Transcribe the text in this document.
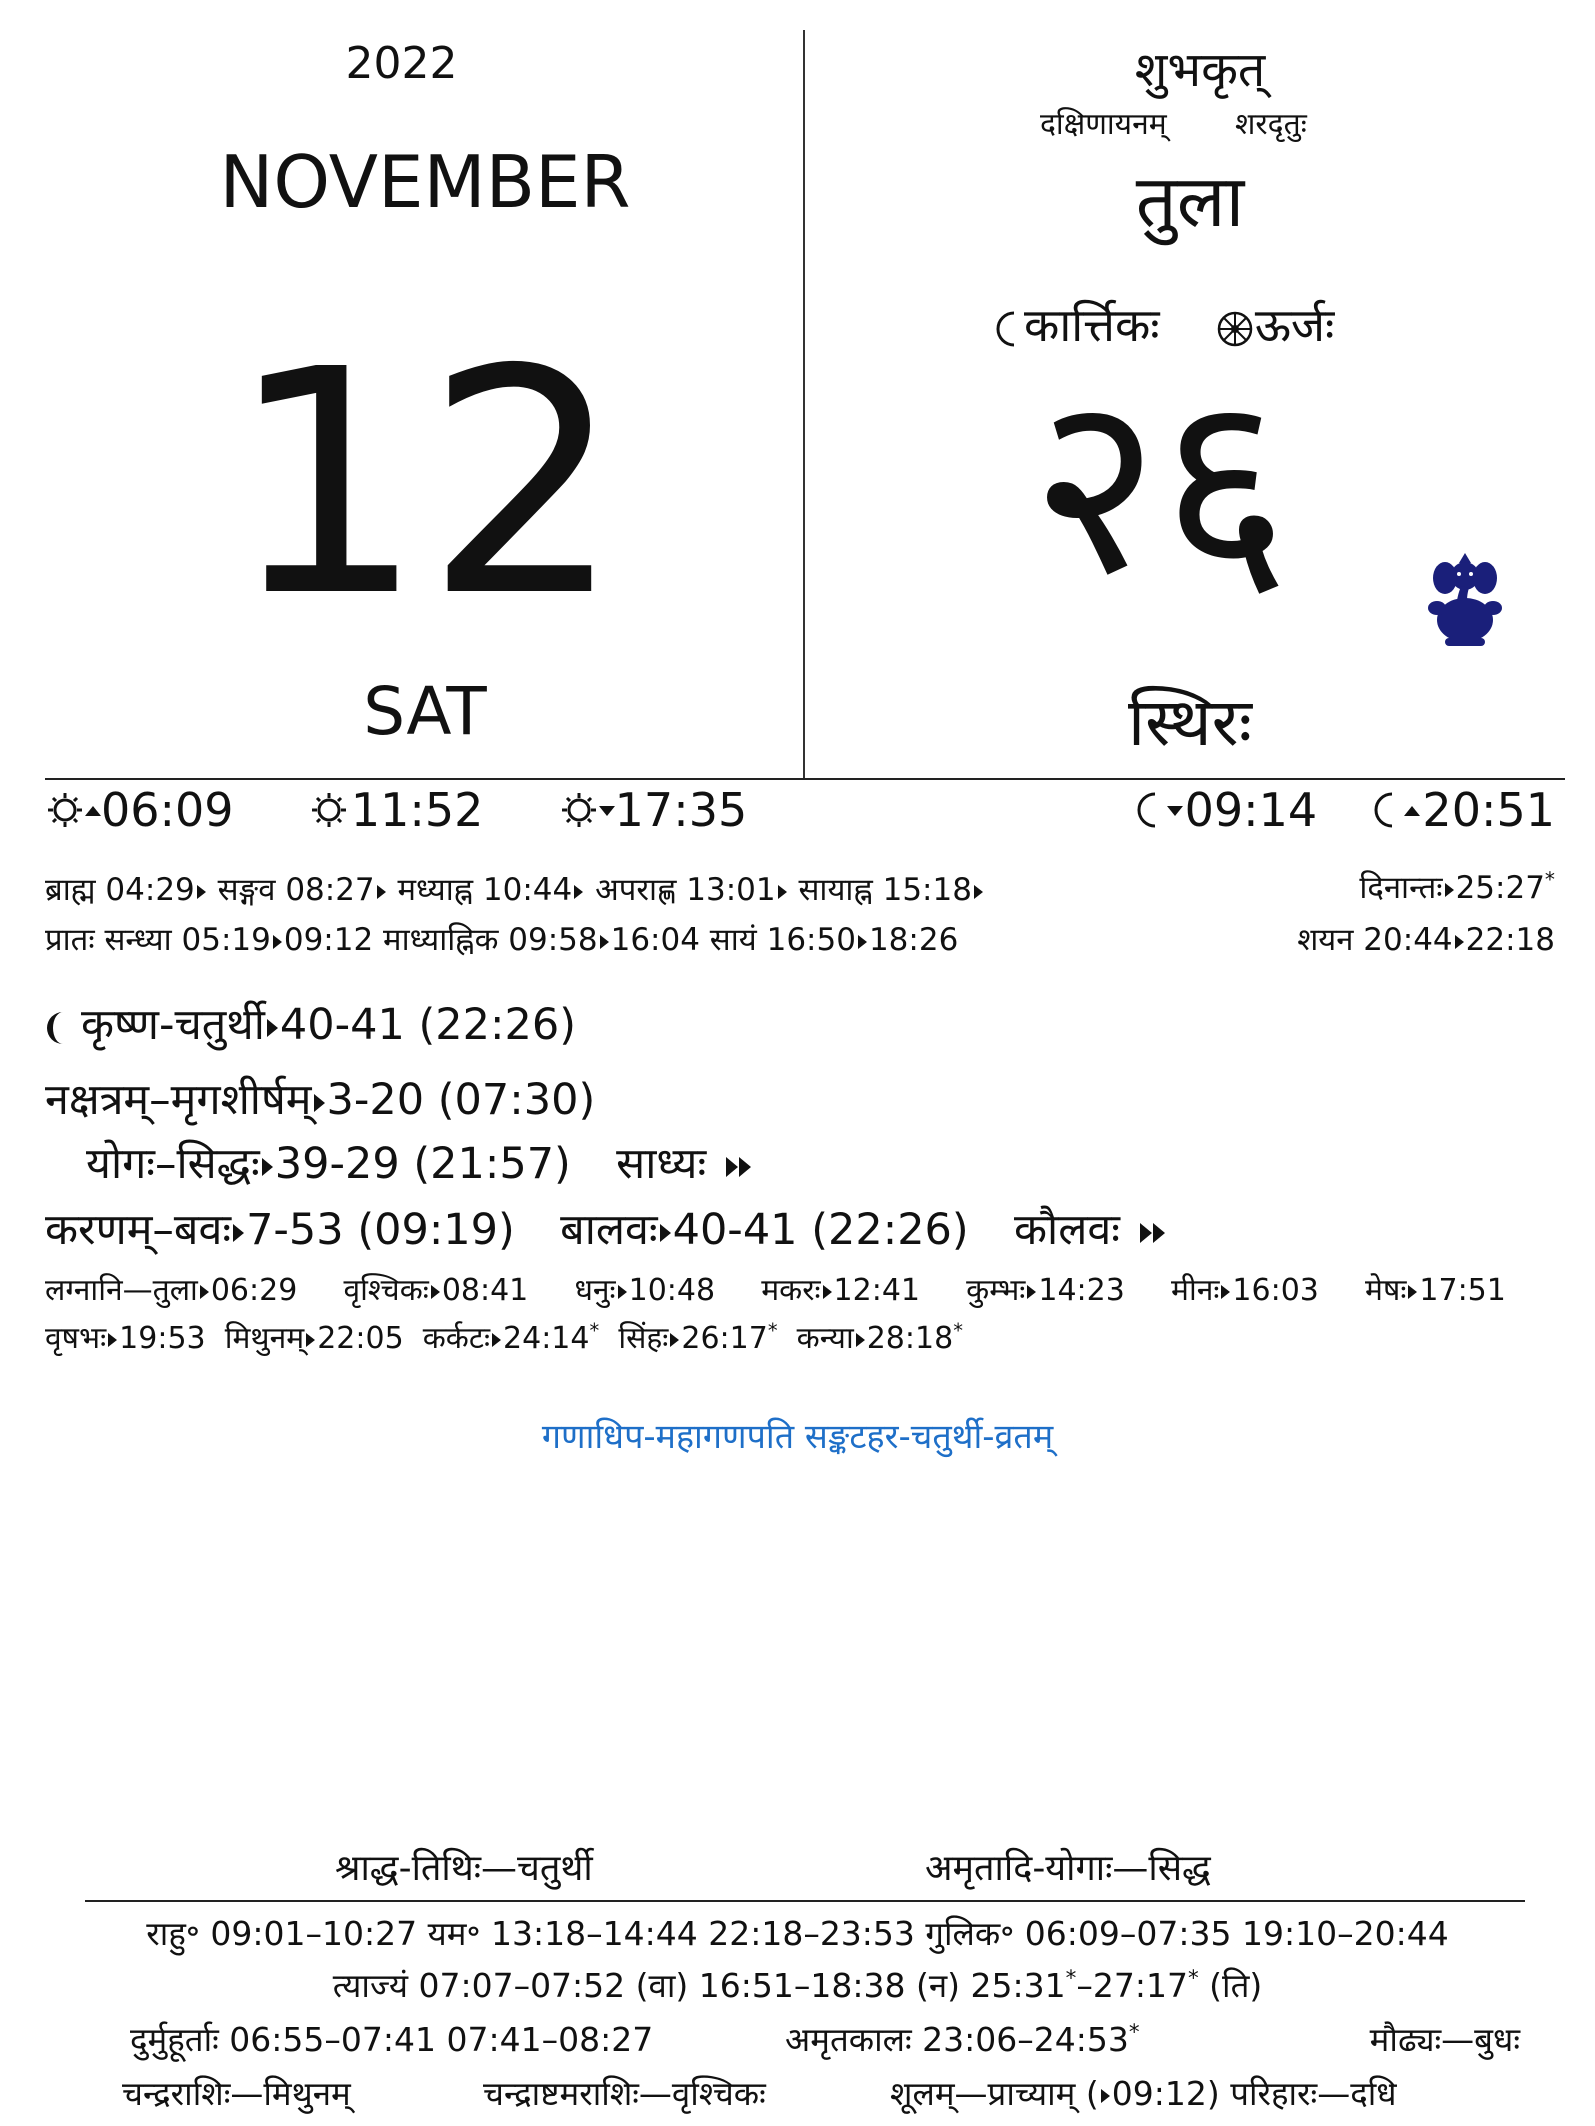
2022
NOVEMBER
12
SAT
शुभकृत्
दक्षिणायनम् शरदृतुः
तुला
कार्त्तिकः ऊर्जः
२६
स्थिरः
06:09
	11:52
	17:35	09:14
20:51
ब्राह्म 04:29 सङ्गव 08:27 मध्याह्न 10:44 अपराह्ण 13:01 सायाह्न 15:18	दिनान्तः 25:27*
प्रातः सन्ध्या 05:19 09:12 माध्याह्निक 09:58 16:04 सायं 16:50 18:26	शयन 20:44 22:18
कृष्ण-चतुर्थी 40-41 (22:26)
नक्षत्रम्–मृगशीर्षम् 3-20 (07:30)
योगः–सिद्धः 39-29 (21:57) साध्यः
करणम्–बवः 7-53 (09:19) बालवः 40-41 (22:26) कौलवः
लग्नानि—तुला 06:29 वृश्चिकः 08:41 धनुः 10:48 मकरः 12:41 कुम्भः 14:23 मीनः 16:03 मेषः 17:51
वृषभः 19:53 मिथुनम् 22:05 कर्कटः 24:14* सिंहः 26:17* कन्या 28:18*
गणाधिप-महागणपति सङ्कटहर-चतुर्थी-व्रतम्
श्राद्ध-तिथिः—चतुर्थी	अमृतादि-योगाः—सिद्ध
राहु॰ 09:01–10:27 यम॰ 13:18–14:44 22:18–23:53 गुलिक॰ 06:09–07:35 19:10–20:44
त्याज्यं 07:07–07:52 (वा) 16:51–18:38 (न) 25:31*–27:17* (ति)
दुर्मुहूर्ताः 06:55–07:41 07:41–08:27	अमृतकालः 23:06–24:53*	मौढ्यः—बुधः
चन्द्रराशिः—मिथुनम्	चन्द्राष्टमराशिः—वृश्चिकः	शूलम्—प्राच्याम् ( 09:12) परिहारः—दधि
